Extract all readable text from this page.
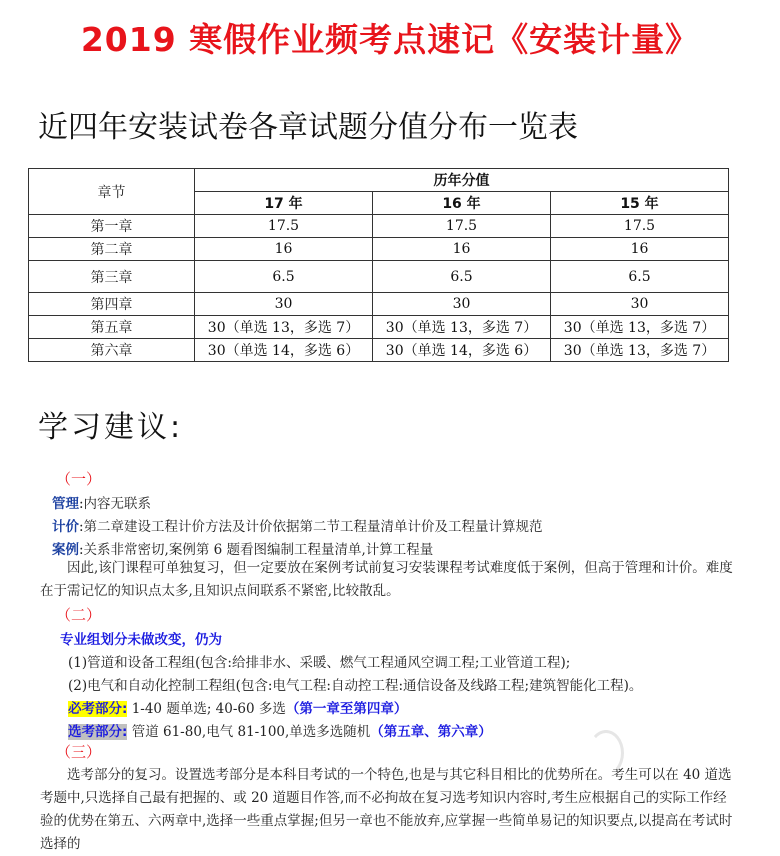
2019 寒假作业频考点速记《安装计量》
近四年安装试卷各章试题分值分布一览表
章节	历年分值		
	17 年	16 年	15 年
第一章	17.5	17.5	17.5
第二章	16	16	16
第三章	6.5	6.5	6.5
第四章	30	30	30
第五章	30（单选 13，多选 7）	30（单选 13，多选 7）	30（单选 13，多选 7）
第六章	30（单选 14，多选 6）	30（单选 14，多选 6）	30（单选 13，多选 7）
学习建议:
（一）
管理:内容无联系
计价:第二章建设工程计价方法及计价依据第二节工程量清单计价及工程量计算规范
案例:关系非常密切,案例第 6 题看图编制工程量清单,计算工程量
因此,该门课程可单独复习，但一定要放在案例考试前复习安装课程考试难度低于案例，但高于管理和计价。难度在于需记忆的知识点太多,且知识点间联系不紧密,比较散乱。
（二）
专业组划分未做改变，仍为
(1)管道和设备工程组(包含:给排非水、采暖、燃气工程通风空调工程;工业管道工程);
(2)电气和自动化控制工程组(包含:电气工程:自动控工程:通信设备及线路工程;建筑智能化工程)。
必考部分: 1-40 题单选; 40-60 多选（第一章至第四章）
选考部分: 管道 61-80,电气 81-100,单选多选随机（第五章、第六章）
（三）
选考部分的复习。设置选考部分是本科目考试的一个特色,也是与其它科目相比的优势所在。考生可以在 40 道选考题中,只选择自己最有把握的、或 20 道题目作答,而不必拘故在复习选考知识内容时,考生应根据自己的实际工作经验的优势在第五、六两章中,选择一些重点掌握;但另一章也不能放弃,应掌握一些简单易记的知识要点,以提高在考试时选择的
